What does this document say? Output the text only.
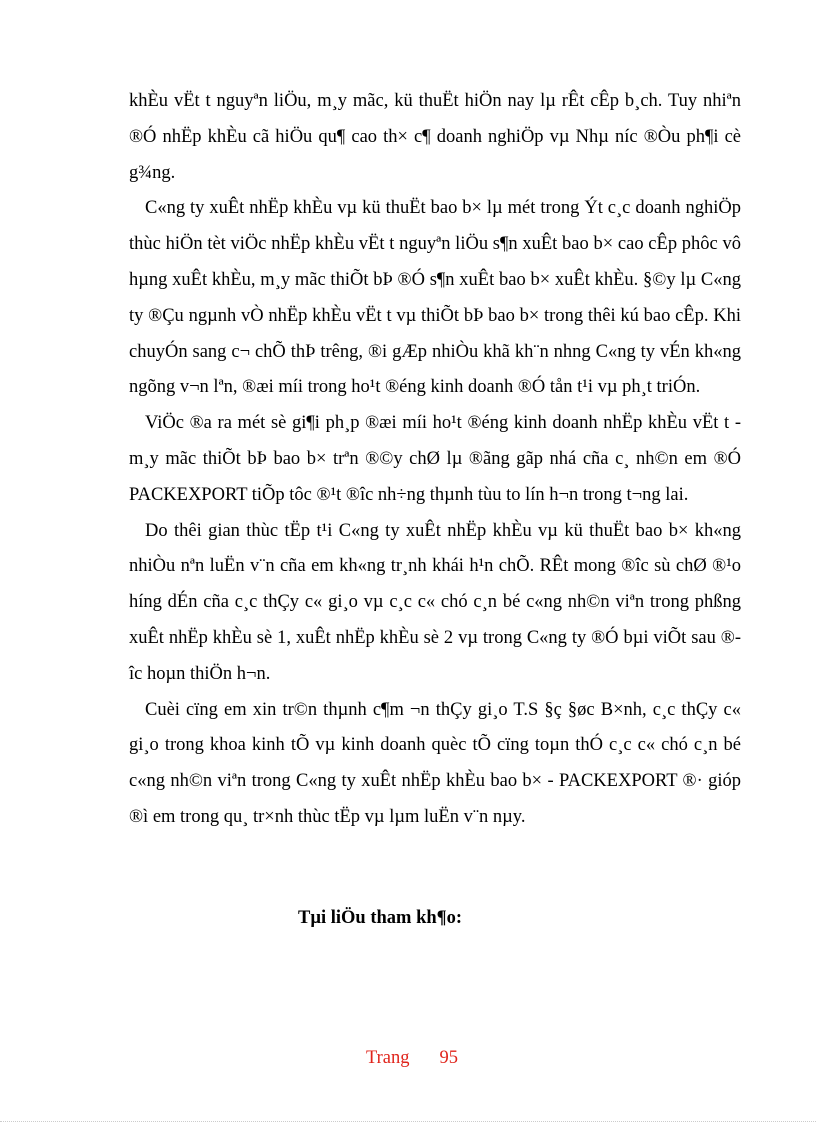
khÈu vËt t nguyªn liÖu, m¸y mãc, kü thuËt hiÖn nay lµ rÊt cÊp b¸ch. Tuy nhiªn ®Ó nhËp khÈu cã hiÖu qu¶ cao th× c¶ doanh nghiÖp vµ Nhµ níc ®Òu ph¶i cè g¾ng.

C«ng ty xuÊt nhËp khÈu vµ kü thuËt bao b× lµ mét trong Ýt c¸c doanh nghiÖp thùc hiÖn tèt viÖc nhËp khÈu vËt t nguyªn liÖu s¶n xuÊt bao b× cao cÊp phôc vô hµng xuÊt khÈu, m¸y mãc thiÕt bÞ ®Ó s¶n xuÊt bao b× xuÊt khÈu. §©y lµ C«ng ty ®Çu ngµnh vÒ nhËp khÈu vËt t vµ thiÕt bÞ bao b× trong thêi kú bao cÊp. Khi chuyÓn sang c¬ chÕ thÞ trêng, ®i gÆp nhiÒu khã kh¨n nhng C«ng ty vÉn kh«ng ngõng v¬n lªn, ®æi míi trong ho¹t ®éng kinh doanh ®Ó tån t¹i vµ ph¸t triÓn.

ViÖc ®a ra mét sè gi¶i ph¸p ®æi míi ho¹t ®éng kinh doanh nhËp khÈu vËt t - m¸y mãc thiÕt bÞ bao b× trªn ®©y chØ lµ ®ãng gãp nhá cña c¸ nh©n em ®Ó PACKEXPORT tiÕp tôc ®¹t ®îc nh÷ng thµnh tùu to lín h¬n trong t¬ng lai.

Do thêi gian thùc tËp t¹i C«ng ty xuÊt nhËp khÈu vµ kü thuËt bao b× kh«ng nhiÒu nªn luËn v¨n cña em kh«ng tr¸nh khái h¹n chÕ. RÊt mong ®îc sù chØ ®¹o híng dÉn cña c¸c thÇy c« gi¸o vµ c¸c c« chó c¸n bé c«ng nh©n viªn trong phßng xuÊt nhËp khÈu sè 1, xuÊt nhËp khÈu sè 2 vµ trong C«ng ty ®Ó bµi viÕt sau ®îc hoµn thiÖn h¬n.

Cuèi cïng em xin tr©n thµnh c¶m ¬n thÇy gi¸o T.S §ç §øc B×nh, c¸c thÇy c« gi¸o trong khoa kinh tÕ vµ kinh doanh quèc tÕ cïng toµn thÓ c¸c c« chó c¸n bé c«ng nh©n viªn trong C«ng ty xuÊt nhËp khÈu bao b× - PACKEXPORT ®· gióp ®ì em trong qu¸ tr×nh thùc tËp vµ lµm luËn v¨n nµy.

Tµi liÖu tham kh¶o:
Trang 95
